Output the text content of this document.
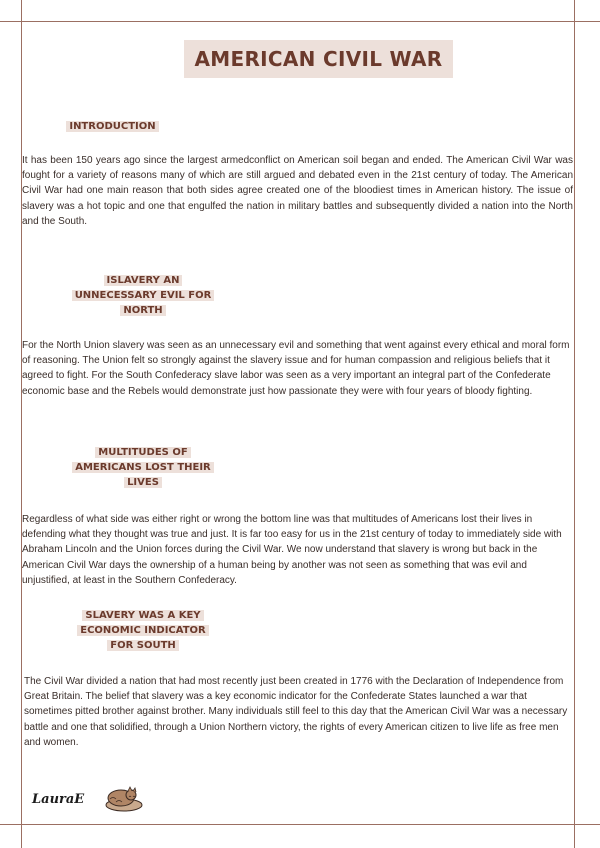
AMERICAN CIVIL WAR
INTRODUCTION

It has been 150 years ago since the largest armedconflict on American soil began and ended. The American Civil War was fought for a variety of reasons many of which are still argued and debated even in the 21st century of today. The American Civil War had one main reason that both sides agree created one of the bloodiest times in American history. The issue of slavery was a hot topic and one that engulfed the nation in military battles and subsequently divided a nation into the North and the South.

ISLAVERY AN UNNECESSARY EVIL FOR NORTH

For the North Union slavery was seen as an unnecessary evil and something that went against every ethical and moral form of reasoning. The Union felt so strongly against the slavery issue and for human compassion and religious beliefs that it agreed to fight. For the South Confederacy slave labor was seen as a very important an integral part of the Confederate economic base and the Rebels would demonstrate just how passionate they were with four years of bloody fighting.

MULTITUDES OF AMERICANS LOST THEIR LIVES

Regardless of what side was either right or wrong the bottom line was that multitudes of Americans lost their lives in defending what they thought was true and just. It is far too easy for us in the 21st century of today to immediately side with Abraham Lincoln and the Union forces during the Civil War. We now understand that slavery is wrong but back in the American Civil War days the ownership of a human being by another was not seen as something that was evil and unjustified, at least in the Southern Confederacy.

SLAVERY WAS A KEY ECONOMIC INDICATOR FOR SOUTH

The Civil War divided a nation that had most recently just been created in 1776 with the Declaration of Independence from Great Britain. The belief that slavery was a key economic indicator for the Confederate States launched a war that sometimes pitted brother against brother. Many individuals still feel to this day that the American Civil War was a necessary battle and one that solidified, through a Union Northern victory, the rights of every American citizen to live life as free men and women.

LauraE
